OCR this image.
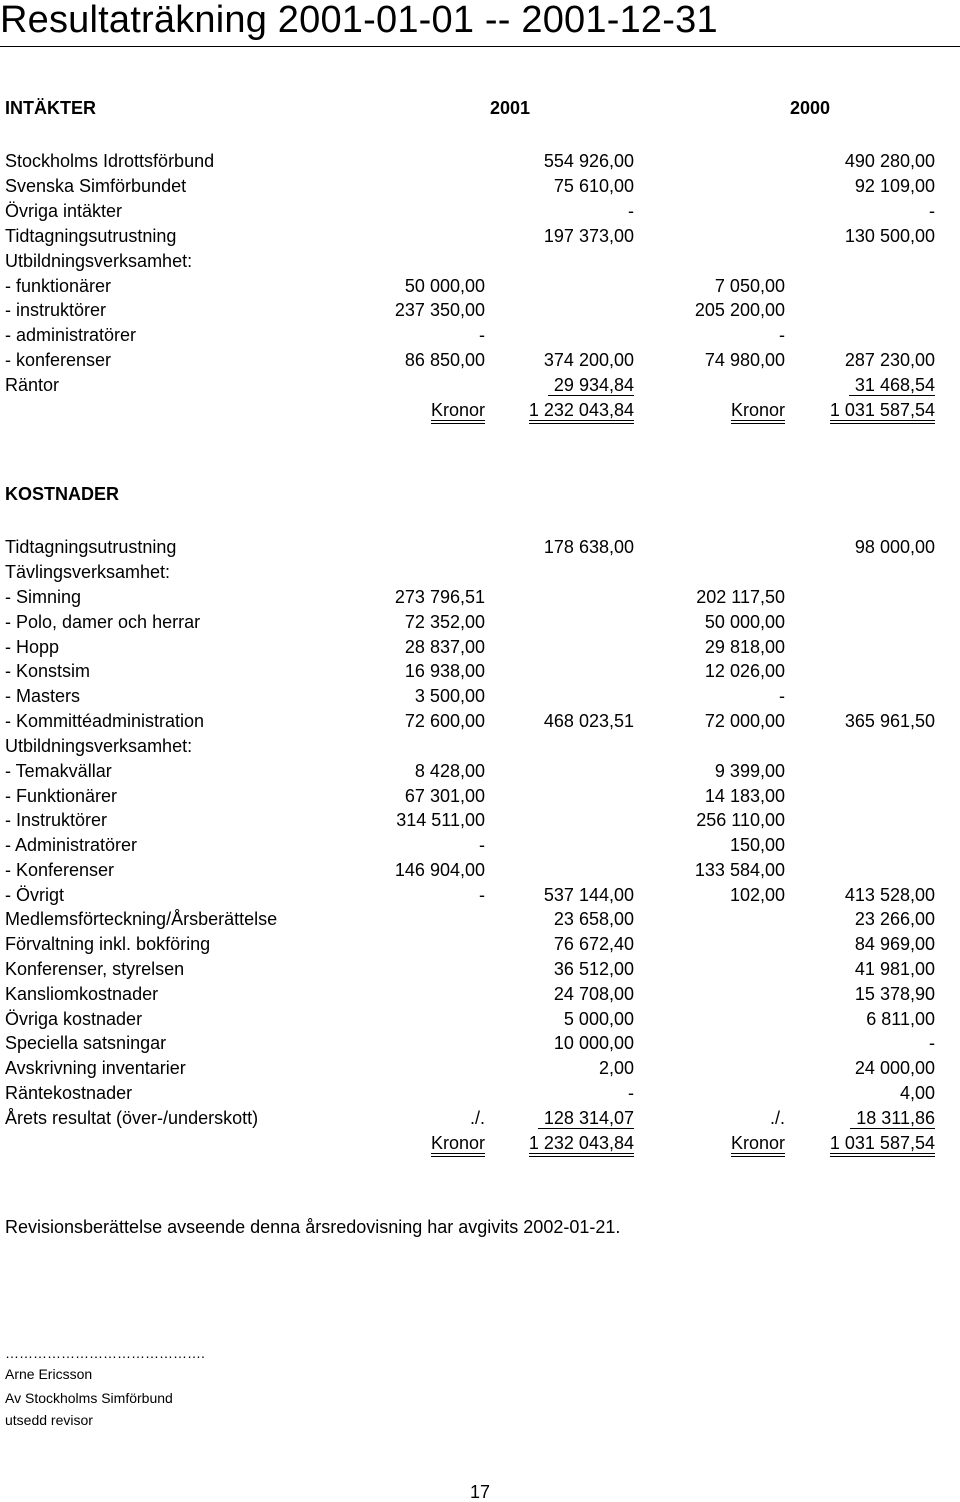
Resultaträkning 2001-01-01 -- 2001-12-31
INTÄKTER	2001	2000
Stockholms Idrottsförbund	554 926,00	490 280,00
Svenska Simförbundet	75 610,00	92 109,00
Övriga intäkter	-	-
Tidtagningsutrustning	197 373,00	130 500,00
Utbildningsverksamhet:
- funktionärer	50 000,00	7 050,00
- instruktörer	237 350,00	205 200,00
- administratörer	-	-
- konferenser	86 850,00	374 200,00	74 980,00	287 230,00
Räntor	29 934,84	31 468,54
Kronor	1 232 043,84	Kronor	1 031 587,54
KOSTNADER
Tidtagningsutrustning	178 638,00	98 000,00
Tävlingsverksamhet:
- Simning	273 796,51	202 117,50
- Polo, damer och herrar	72 352,00	50 000,00
- Hopp	28 837,00	29 818,00
- Konstsim	16 938,00	12 026,00
- Masters	3 500,00	-
- Kommittéadministration	72 600,00	468 023,51	72 000,00	365 961,50
Utbildningsverksamhet:
- Temakvällar	8 428,00	9 399,00
- Funktionärer	67 301,00	14 183,00
- Instruktörer	314 511,00	256 110,00
- Administratörer	-	150,00
- Konferenser	146 904,00	133 584,00
- Övrigt	-	537 144,00	102,00	413 528,00
Medlemsförteckning/Årsberättelse	23 658,00	23 266,00
Förvaltning inkl. bokföring	76 672,40	84 969,00
Konferenser, styrelsen	36 512,00	41 981,00
Kansliomkostnader	24 708,00	15 378,90
Övriga kostnader	5 000,00	6 811,00
Speciella satsningar	10 000,00	-
Avskrivning inventarier	2,00	24 000,00
Räntekostnader	-	4,00
Årets resultat (över-/underskott)	./.	128 314,07	./.	18 311,86
Kronor	1 232 043,84	Kronor	1 031 587,54
Revisionsberättelse avseende denna årsredovisning har avgivits 2002-01-21.
…………………………………….
Arne Ericsson
Av Stockholms Simförbund
utsedd revisor
17
